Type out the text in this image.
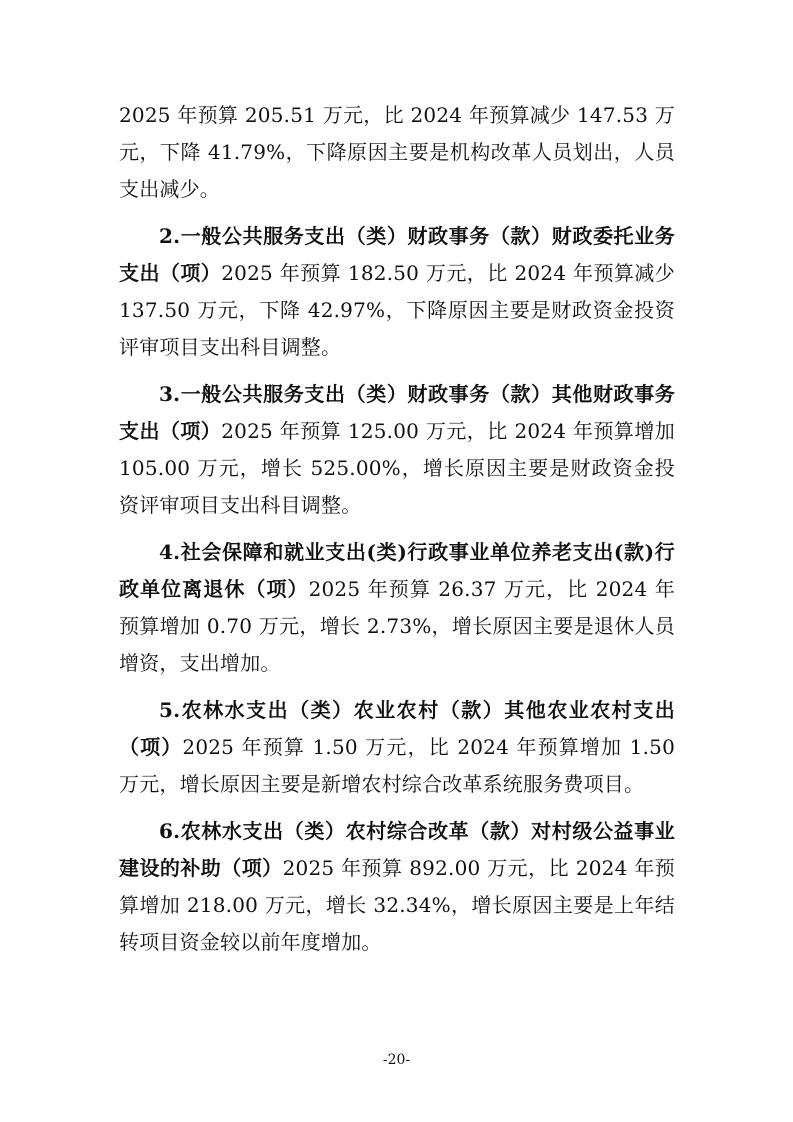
2025 年预算 205.51 万元，比 2024 年预算减少 147.53 万元，下降 41.79%，下降原因主要是机构改革人员划出，人员支出减少。

2.一般公共服务支出（类）财政事务（款）财政委托业务支出（项）2025 年预算 182.50 万元，比 2024 年预算减少 137.50 万元，下降 42.97%，下降原因主要是财政资金投资评审项目支出科目调整。

3.一般公共服务支出（类）财政事务（款）其他财政事务支出（项）2025 年预算 125.00 万元，比 2024 年预算增加 105.00 万元，增长 525.00%，增长原因主要是财政资金投资评审项目支出科目调整。

4.社会保障和就业支出(类)行政事业单位养老支出(款)行政单位离退休（项）2025 年预算 26.37 万元，比 2024 年预算增加 0.70 万元，增长 2.73%，增长原因主要是退休人员增资，支出增加。

5.农林水支出（类）农业农村（款）其他农业农村支出（项）2025 年预算 1.50 万元，比 2024 年预算增加 1.50 万元，增长原因主要是新增农村综合改革系统服务费项目。

6.农林水支出（类）农村综合改革（款）对村级公益事业建设的补助（项）2025 年预算 892.00 万元，比 2024 年预算增加 218.00 万元，增长 32.34%，增长原因主要是上年结转项目资金较以前年度增加。

-20-
